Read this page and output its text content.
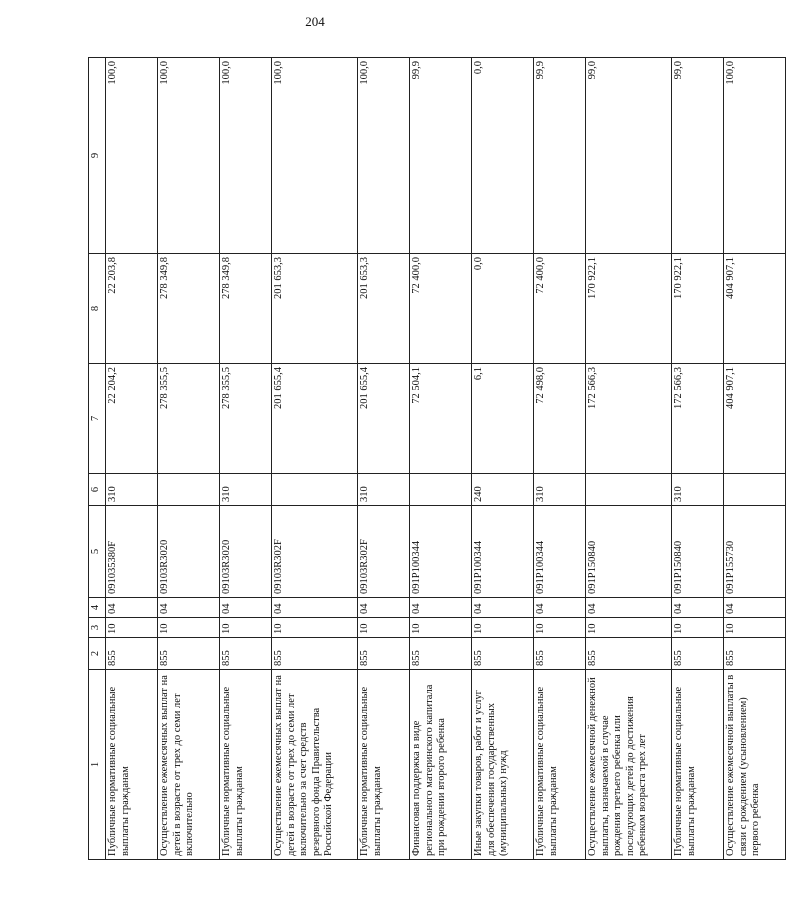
204
1	2	3	4	5	6	7	8	9
Публичные нормативные социальные выплаты гражданам	855	10	04	091035380F	310	22 204,2	22 203,8	100,0
Осуществление ежемесячных выплат на детей в возрасте от трех до семи лет включительно	855	10	04	09103R3020		278 355,5	278 349,8	100,0
Публичные нормативные социальные выплаты гражданам	855	10	04	09103R3020	310	278 355,5	278 349,8	100,0
Осуществление ежемесячных выплат на детей в возрасте от трех до семи лет включительно за счет средств резервного фонда Правительства Российской Федерации	855	10	04	09103R302F		201 655,4	201 653,3	100,0
Публичные нормативные социальные выплаты гражданам	855	10	04	09103R302F	310	201 655,4	201 653,3	100,0
Финансовая поддержка в виде регионального материнского капитала при рождении второго ребенка	855	10	04	091P100344		72 504,1	72 400,0	99,9
Иные закупки товаров, работ и услуг для обеспечения государственных (муниципальных) нужд	855	10	04	091P100344	240	6,1	0,0	0,0
Публичные нормативные социальные выплаты гражданам	855	10	04	091P100344	310	72 498,0	72 400,0	99,9
Осуществление ежемесячной денежной выплаты, назначаемой в случае рождения третьего ребенка или последующих детей до достижения ребенком возраста трех лет	855	10	04	091P150840		172 566,3	170 922,1	99,0
Публичные нормативные социальные выплаты гражданам	855	10	04	091P150840	310	172 566,3	170 922,1	99,0
Осуществление ежемесячной выплаты в связи с рождением (усыновлением) первого ребенка	855	10	04	091P155730		404 907,1	404 907,1	100,0
